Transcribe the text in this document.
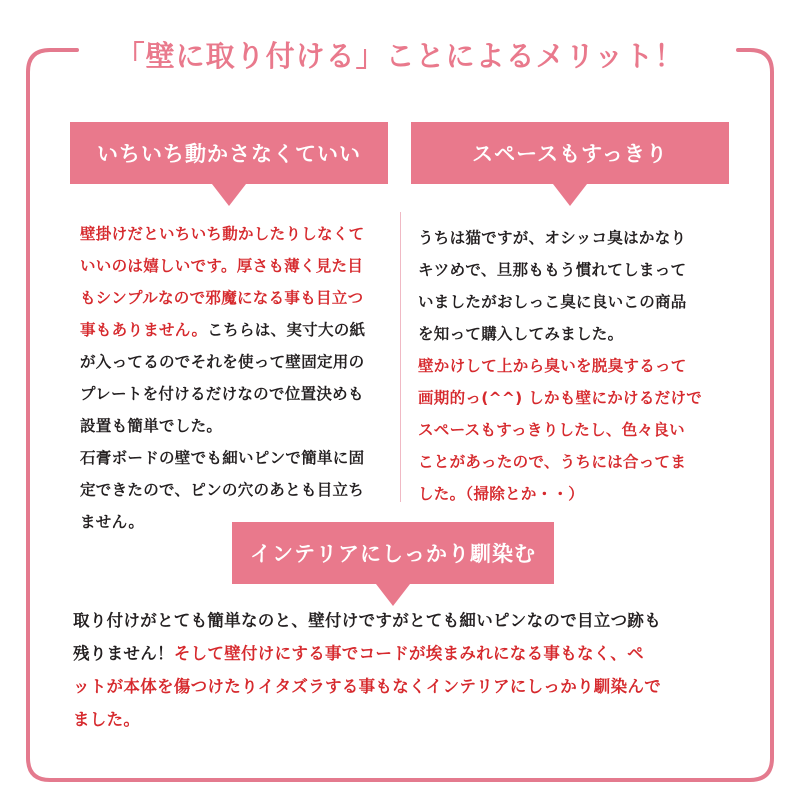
「壁に取り付ける」ことによるメリット！
いちいち動かさなくていい
壁掛けだといちいち動かしたりしなくて
いいのは嬉しいです。厚さも薄く見た目
もシンプルなので邪魔になる事も目立つ
事もありません。こちらは、実寸大の紙
が入ってるのでそれを使って壁固定用の
プレートを付けるだけなので位置決めも
設置も簡単でした。
石膏ボードの壁でも細いピンで簡単に固
定できたので、ピンの穴のあとも目立ち
ません。
スペースもすっきり
うちは猫ですが、オシッコ臭はかなり
キツめで、旦那ももう慣れてしまって
いましたがおしっこ臭に良いこの商品
を知って購入してみました。
壁かけして上から臭いを脱臭するって
画期的っ(^^) しかも壁にかけるだけで
スペースもすっきりしたし、色々良い
ことがあったので、うちには合ってま
した。（掃除とか・・）
インテリアにしっかり馴染む
取り付けがとても簡単なのと、壁付けですがとても細いピンなので目立つ跡も
残りません！そして壁付けにする事でコードが埃まみれになる事もなく、ペ
ットが本体を傷つけたりイタズラする事もなくインテリアにしっかり馴染んで
ました。
